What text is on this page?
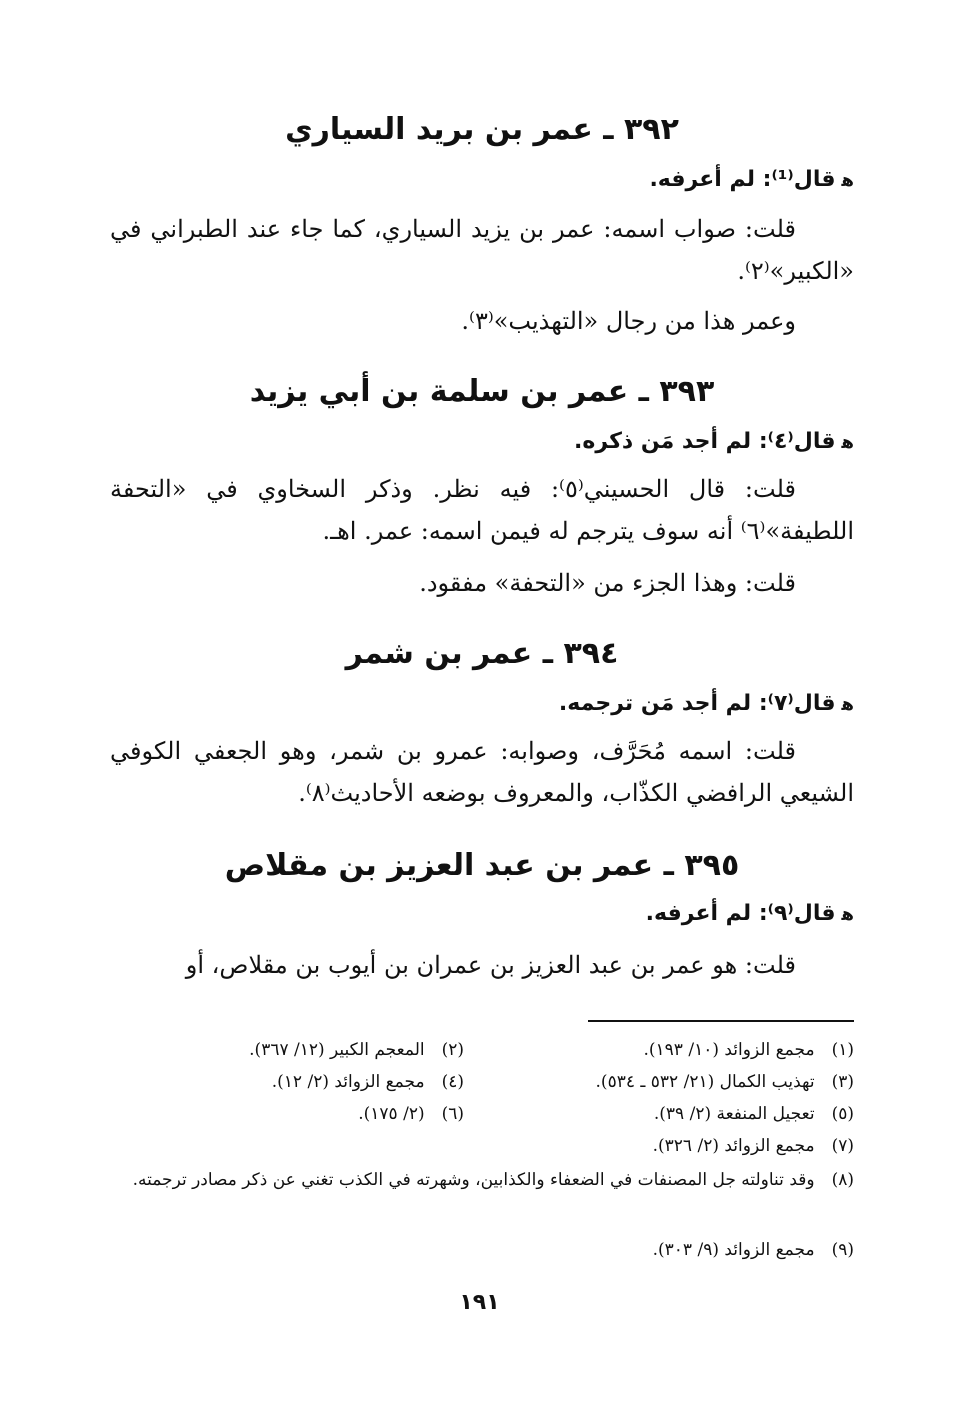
٣٩٢ ـ عمر بن بريد السياري
ﻫقال⁽¹⁾: لم أعرفه.
قلت: صواب اسمه: عمر بن يزيد السياري، كما جاء عند الطبراني في «الكبير»⁽٢⁾.
وعمر هذا من رجال «التهذيب»⁽٣⁾.
٣٩٣ ـ عمر بن سلمة بن أبي يزيد
ﻫقال⁽٤⁾: لم أجد مَن ذكره.
قلت: قال الحسيني⁽٥⁾: فيه نظر. وذكر السخاوي في «التحفة اللطيفة»⁽٦⁾ أنه سوف يترجم له فيمن اسمه: عمر. اهـ.
قلت: وهذا الجزء من «التحفة» مفقود.
٣٩٤ ـ عمر بن شمر
ﻫقال⁽٧⁾: لم أجد مَن ترجمه.
قلت: اسمه مُحَرَّف، وصوابه: عمرو بن شمر، وهو الجعفي الكوفي الشيعي الرافضي الكذّاب، والمعروف بوضعه الأحاديث⁽٨⁾.
٣٩٥ ـ عمر بن عبد العزيز بن مقلاص
ﻫقال⁽٩⁾: لم أعرفه.
قلت: هو عمر بن عبد العزيز بن عمران بن أيوب بن مقلاص، أو
(١) مجمع الزوائد (١٠/ ١٩٣).
(٢) المعجم الكبير (١٢/ ٣٦٧).
(٣) تهذيب الكمال (٢١/ ٥٣٢ ـ ٥٣٤).
(٤) مجمع الزوائد (٢/ ١٢).
(٥) تعجيل المنفعة (٢/ ٣٩).
(٦) (٢/ ١٧٥).
(٧) مجمع الزوائد (٢/ ٣٢٦).
(٨) وقد تناولته جل المصنفات في الضعفاء والكذابين، وشهرته في الكذب تغني عن ذكر مصادر ترجمته.
(٩) مجمع الزوائد (٩/ ٣٠٣).
١٩١
